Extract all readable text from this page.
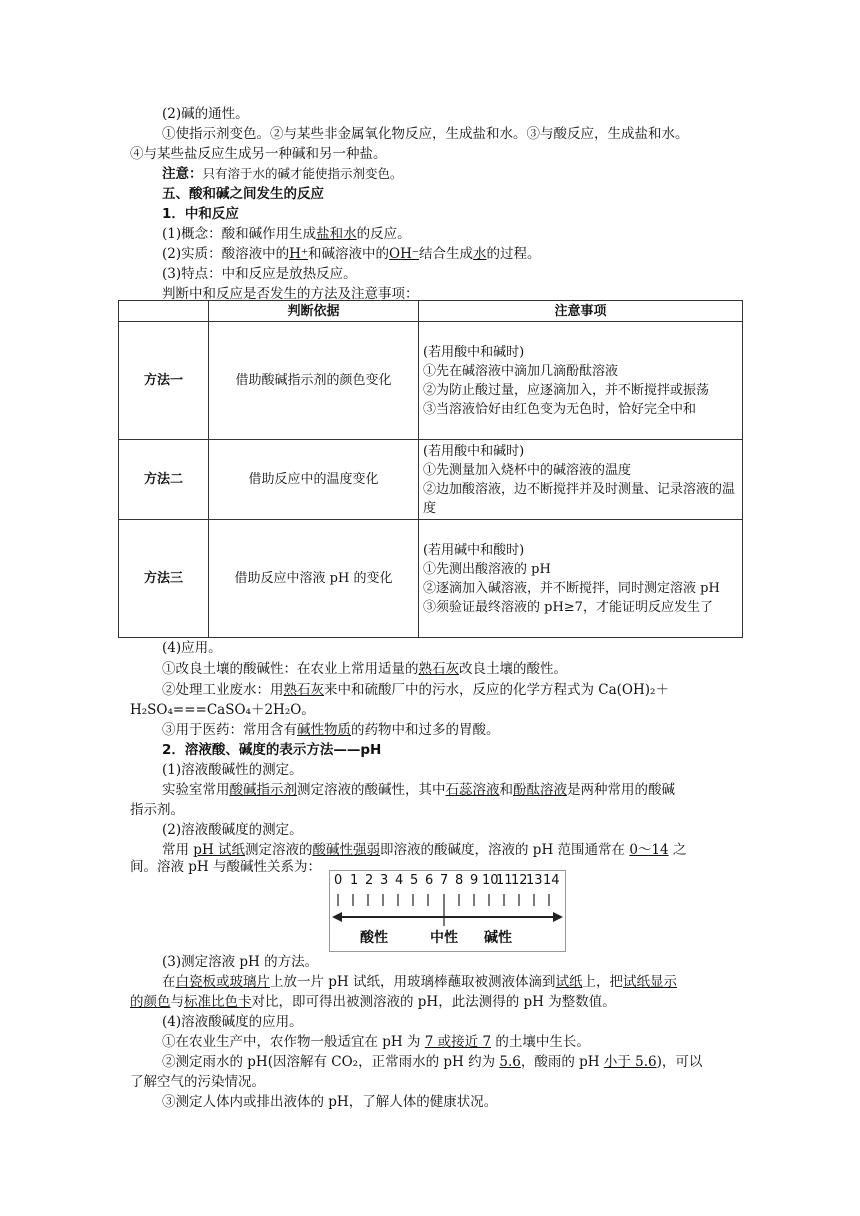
(2)碱的通性。
①使指示剂变色。②与某些非金属氧化物反应，生成盐和水。③与酸反应，生成盐和水。
④与某些盐反应生成另一种碱和另一种盐。
注意：只有溶于水的碱才能使指示剂变色。
五、酸和碱之间发生的反应
1．中和反应
(1)概念：酸和碱作用生成盐和水的反应。
(2)实质：酸溶液中的H⁺和碱溶液中的OH⁻结合生成水的过程。
(3)特点：中和反应是放热反应。
判断中和反应是否发生的方法及注意事项：
	判断依据	注意事项
方法一	借助酸碱指示剂的颜色变化	(若用酸中和碱时)
①先在碱溶液中滴加几滴酚酞溶液
②为防止酸过量，应逐滴加入，并不断搅拌或振荡
③当溶液恰好由红色变为无色时，恰好完全中和

方法二	借助反应中的温度变化	(若用酸中和碱时)
①先测量加入烧杯中的碱溶液的温度
②边加酸溶液，边不断搅拌并及时测量、记录溶液的温度

方法三	借助反应中溶液 pH 的变化	(若用碱中和酸时)
①先测出酸溶液的 pH
②逐滴加入碱溶液，并不断搅拌，同时测定溶液 pH
③须验证最终溶液的 pH≥7，才能证明反应发生了
(4)应用。
①改良土壤的酸碱性：在农业上常用适量的熟石灰改良土壤的酸性。
②处理工业废水：用熟石灰来中和硫酸厂中的污水，反应的化学方程式为 Ca(OH)₂＋
H₂SO₄===CaSO₄＋2H₂O。
③用于医药：常用含有碱性物质的药物中和过多的胃酸。
2．溶液酸、碱度的表示方法——pH
(1)溶液酸碱性的测定。
实验室常用酸碱指示剂测定溶液的酸碱性，其中石蕊溶液和酚酞溶液是两种常用的酸碱
指示剂。
(2)溶液酸碱度的测定。
常用 pH 试纸测定溶液的酸碱性强弱即溶液的酸碱度，溶液的 pH 范围通常在 0～14 之
间。溶液 pH 与酸碱性关系为：
0 1 2 3 4 5 6 7 8 9 10
11
12
13 14
酸性	中性 碱性
(3)测定溶液 pH 的方法。
在白瓷板或玻璃片上放一片 pH 试纸，用玻璃棒蘸取被测液体滴到试纸上，把试纸显示
的颜色与标准比色卡对比，即可得出被测溶液的 pH，此法测得的 pH 为整数值。
(4)溶液酸碱度的应用。
①在农业生产中，农作物一般适宜在 pH 为 7 或接近 7 的土壤中生长。
②测定雨水的 pH(因溶解有 CO₂，正常雨水的 pH 约为 5.6，酸雨的 pH 小于 5.6)，可以
了解空气的污染情况。
③测定人体内或排出液体的 pH，了解人体的健康状况。
